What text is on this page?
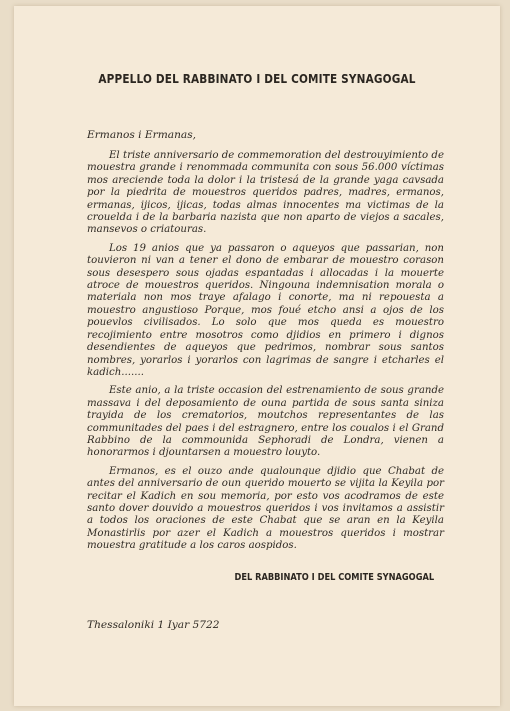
APPELLO DEL RABBINATO I DEL COMITE SYNAGOGAL
Ermanos i Ermanas,

El triste anniversario de commemoration del destrouyimiento de mouestra grande i renommada communita con sous 56.000 víctimas mos areciende toda la dolor i la tristesá de la grande yaga cavsada por la piedrita de mouestros queridos padres, madres, ermanos, ermanas, ijicos, ijicas, todas almas innocentes ma victimas de la crouelda i de la barbaria nazista que non aparto de viejos a sacales, mansevos o criatouras.

Los 19 anios que ya passaron o aqueyos que passarian, non touvieron ni van a tener el dono de embarar de mouestro corason sous desespero sous ojadas espantadas i allocadas i la mouerte atroce de mouestros queridos. Ningouna indemnisation morala o materiala non mos traye afalago i conorte, ma ni repouesta a mouestro angustioso Porque, mos foué etcho ansi a ojos de los pouevlos civilisados. Lo solo que mos queda es mouestro recojimiento entre mosotros como djidios en primero i dignos desendientes de aqueyos que pedrimos, nombrar sous santos nombres, yorarlos i yorarlos con lagrimas de sangre i etcharles el kadich.......

Este anio, a la triste occasion del estrenamiento de sous grande massava i del deposamiento de ouna partida de sous santa siniza trayida de los crematorios, moutchos representantes de las communitades del paes i del estragnero, entre los coualos i el Grand Rabbino de la commounida Sephoradi de Londra, vienen a honorarmos i djountarsen a mouestro louyto.

Ermanos, es el ouzo ande qualounque djidio que Chabat de antes del anniversario de oun querido mouerto se vijita la Keyila por recitar el Kadich en sou memoria, por esto vos acodramos de este santo dover douvido a mouestros queridos i vos invitamos a assistir a todos los oraciones de este Chabat que se aran en la Keyila Monastirlis por azer el Kadich a mouestros queridos i mostrar mouestra gratitude a los caros aospidos.

DEL RABBINATO I DEL COMITE SYNAGOGAL
Thessaloniki 1 Iyar 5722
